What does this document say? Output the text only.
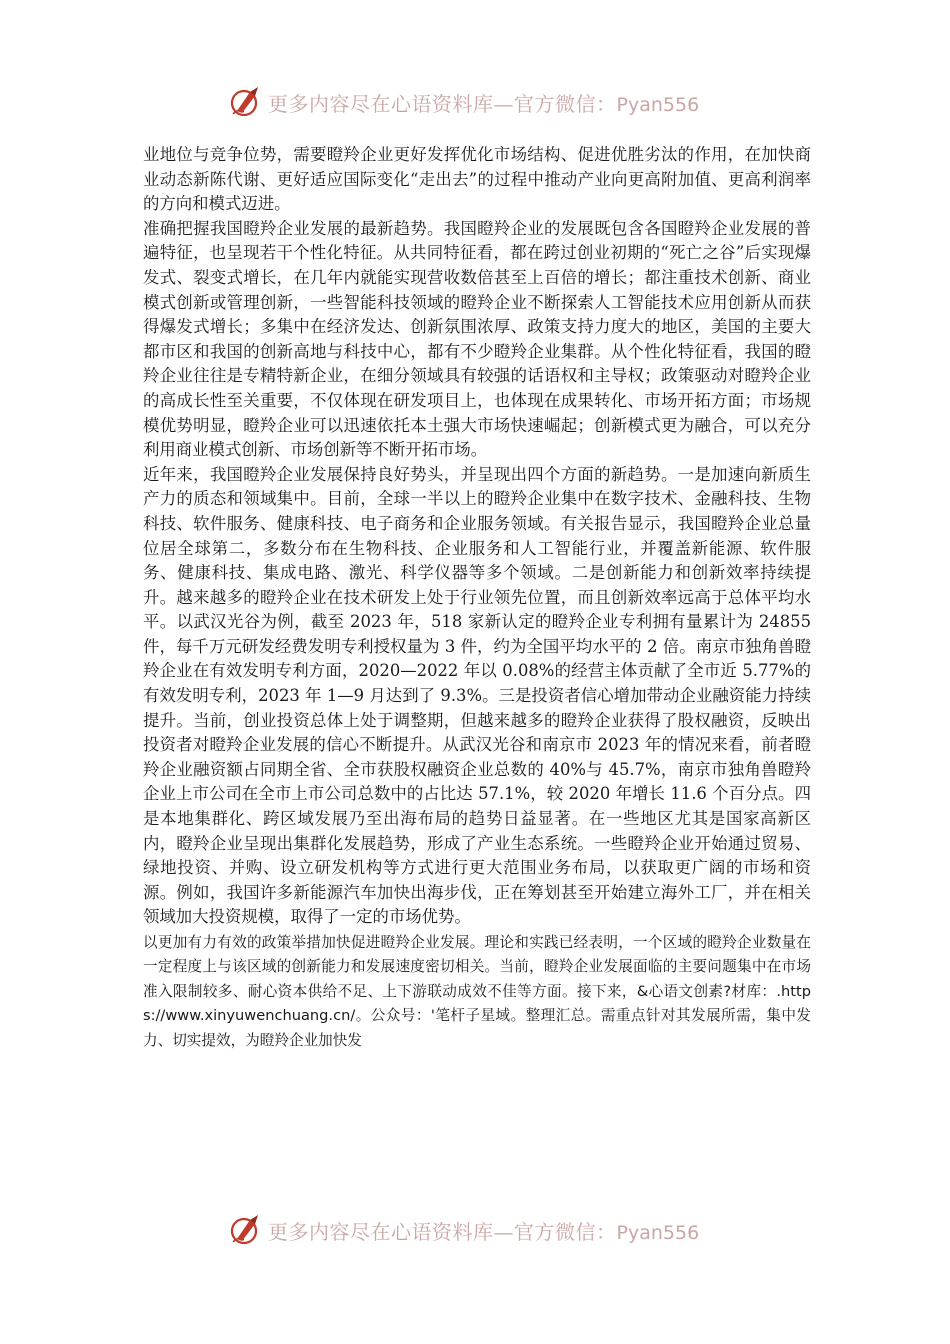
更多内容尽在心语资料库—官方微信：Pyan556

业地位与竞争位势，需要瞪羚企业更好发挥优化市场结构、促进优胜劣汰的作用，在加快商业动态新陈代谢、更好适应国际变化“走出去”的过程中推动产业向更高附加值、更高利润率的方向和模式迈进。

准确把握我国瞪羚企业发展的最新趋势。我国瞪羚企业的发展既包含各国瞪羚企业发展的普遍特征，也呈现若干个性化特征。从共同特征看，都在跨过创业初期的“死亡之谷”后实现爆发式、裂变式增长，在几年内就能实现营收数倍甚至上百倍的增长；都注重技术创新、商业模式创新或管理创新，一些智能科技领域的瞪羚企业不断探索人工智能技术应用创新从而获得爆发式增长；多集中在经济发达、创新氛围浓厚、政策支持力度大的地区，美国的主要大都市区和我国的创新高地与科技中心，都有不少瞪羚企业集群。从个性化特征看，我国的瞪羚企业往往是专精特新企业，在细分领域具有较强的话语权和主导权；政策驱动对瞪羚企业的高成长性至关重要，不仅体现在研发项目上，也体现在成果转化、市场开拓方面；市场规模优势明显，瞪羚企业可以迅速依托本土强大市场快速崛起；创新模式更为融合，可以充分利用商业模式创新、市场创新等不断开拓市场。

近年来，我国瞪羚企业发展保持良好势头，并呈现出四个方面的新趋势。一是加速向新质生产力的质态和领域集中。目前，全球一半以上的瞪羚企业集中在数字技术、金融科技、生物科技、软件服务、健康科技、电子商务和企业服务领域。有关报告显示，我国瞪羚企业总量位居全球第二，多数分布在生物科技、企业服务和人工智能行业，并覆盖新能源、软件服务、健康科技、集成电路、激光、科学仪器等多个领域。二是创新能力和创新效率持续提升。越来越多的瞪羚企业在技术研发上处于行业领先位置，而且创新效率远高于总体平均水平。以武汉光谷为例，截至 2023 年，518 家新认定的瞪羚企业专利拥有量累计为 24855 件，每千万元研发经费发明专利授权量为 3 件，约为全国平均水平的 2 倍。南京市独角兽瞪羚企业在有效发明专利方面，2020—2022 年以 0.08%的经营主体贡献了全市近 5.77%的有效发明专利，2023 年 1—9 月达到了 9.3%。三是投资者信心增加带动企业融资能力持续提升。当前，创业投资总体上处于调整期，但越来越多的瞪羚企业获得了股权融资，反映出投资者对瞪羚企业发展的信心不断提升。从武汉光谷和南京市 2023 年的情况来看，前者瞪羚企业融资额占同期全省、全市获股权融资企业总数的 40%与 45.7%，南京市独角兽瞪羚企业上市公司在全市上市公司总数中的占比达 57.1%，较 2020 年增长 11.6 个百分点。四是本地集群化、跨区域发展乃至出海布局的趋势日益显著。在一些地区尤其是国家高新区内，瞪羚企业呈现出集群化发展趋势，形成了产业生态系统。一些瞪羚企业开始通过贸易、绿地投资、并购、设立研发机构等方式进行更大范围业务布局，以获取更广阔的市场和资源。例如，我国许多新能源汽车加快出海步伐，正在筹划甚至开始建立海外工厂，并在相关领域加大投资规模，取得了一定的市场优势。

以更加有力有效的政策举措加快促进瞪羚企业发展。理论和实践已经表明，一个区域的瞪羚企业数量在一定程度上与该区域的创新能力和发展速度密切相关。当前，瞪羚企业发展面临的主要问题集中在市场准入限制较多、耐心资本供给不足、上下游联动成效不佳等方面。接下来，&心语文创素?材库：.https://www.xinyuwenchuang.cn/。公众号：'笔杆子星域。整理汇总。需重点针对其发展所需，集中发力、切实提效，为瞪羚企业加快发

更多内容尽在心语资料库—官方微信：Pyan556
